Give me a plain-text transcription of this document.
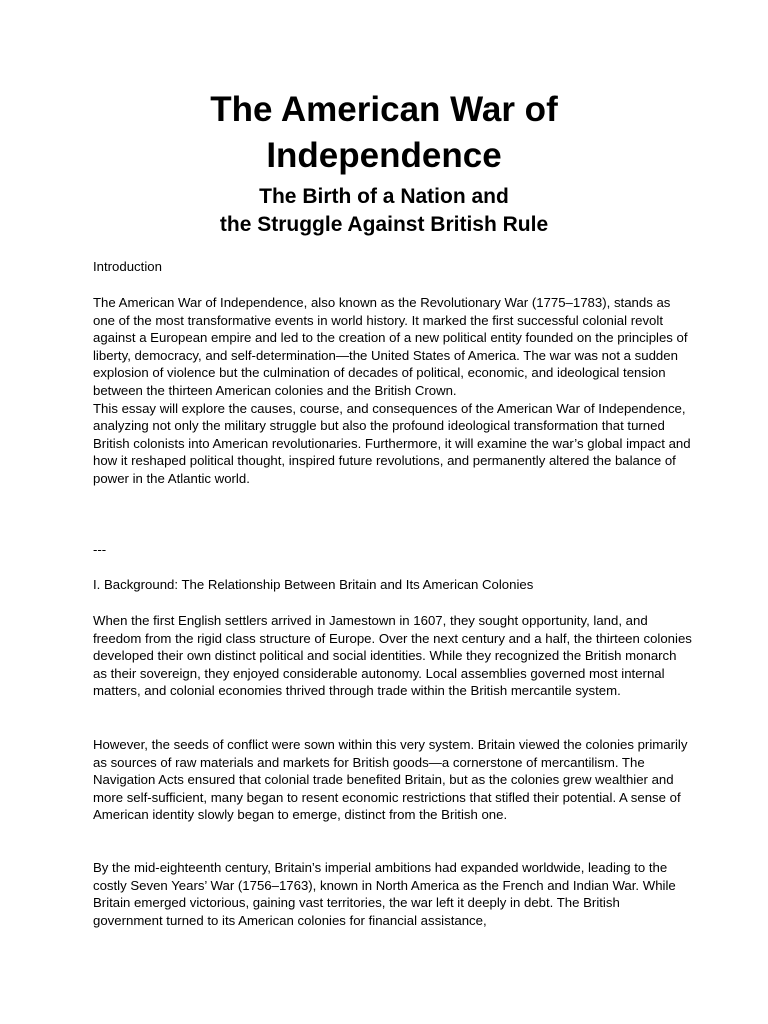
The American War of
Independence
The Birth of a Nation and
the Struggle Against British Rule
Introduction

The American War of Independence, also known as the Revolutionary War (1775–1783), stands as one of the most transformative events in world history. It marked the first successful colonial revolt against a European empire and led to the creation of a new political entity founded on the principles of liberty, democracy, and self-determination—the United States of America. The war was not a sudden explosion of violence but the culmination of decades of political, economic, and ideological tension between the thirteen American colonies and the British Crown.

This essay will explore the causes, course, and consequences of the American War of Independence, analyzing not only the military struggle but also the profound ideological transformation that turned British colonists into American revolutionaries. Furthermore, it will examine the war’s global impact and how it reshaped political thought, inspired future revolutions, and permanently altered the balance of power in the Atlantic world.

---
I. Background: The Relationship Between Britain and Its American Colonies

When the first English settlers arrived in Jamestown in 1607, they sought opportunity, land, and freedom from the rigid class structure of Europe. Over the next century and a half, the thirteen colonies developed their own distinct political and social identities. While they recognized the British monarch as their sovereign, they enjoyed considerable autonomy. Local assemblies governed most internal matters, and colonial economies thrived through trade within the British mercantile system.

However, the seeds of conflict were sown within this very system. Britain viewed the colonies primarily as sources of raw materials and markets for British goods—a cornerstone of mercantilism. The Navigation Acts ensured that colonial trade benefited Britain, but as the colonies grew wealthier and more self-sufficient, many began to resent economic restrictions that stifled their potential. A sense of American identity slowly began to emerge, distinct from the British one.

By the mid-eighteenth century, Britain’s imperial ambitions had expanded worldwide, leading to the costly Seven Years’ War (1756–1763), known in North America as the French and Indian War. While Britain emerged victorious, gaining vast territories, the war left it deeply in debt. The British government turned to its American colonies for financial assistance,
